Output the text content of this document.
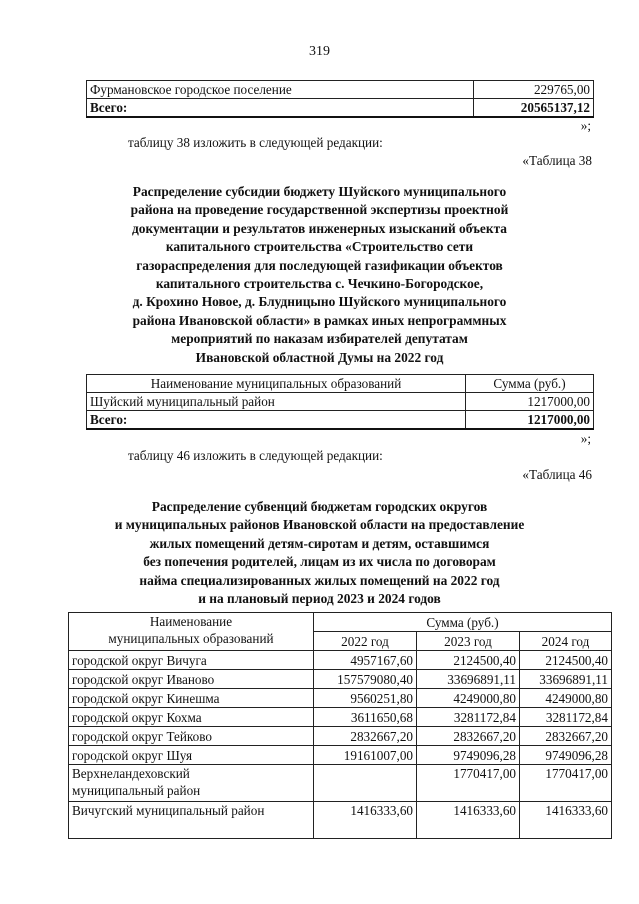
319
Фурмановское городское поселение	229765,00
Всего:	20565137,12
»;
таблицу 38 изложить в следующей редакции:
«Таблица 38
Распределение субсидии бюджету Шуйского муниципального
района на проведение государственной экспертизы проектной
документации и результатов инженерных изысканий объекта
капитального строительства «Строительство сети
газораспределения для последующей газификации объектов
капитального строительства с. Чечкино-Богородское,
д. Крохино Новое, д. Блудницыно Шуйского муниципального
района Ивановской области» в рамках иных непрограммных
мероприятий по наказам избирателей депутатам
Ивановской областной Думы на 2022 год
Наименование муниципальных образований	Сумма (руб.)
Шуйский муниципальный район	1217000,00
Всего:	1217000,00
»;
таблицу 46 изложить в следующей редакции:
«Таблица 46
Распределение субвенций бюджетам городских округов
и муниципальных районов Ивановской области на предоставление
жилых помещений детям-сиротам и детям, оставшимся
без попечения родителей, лицам из их числа по договорам
найма специализированных жилых помещений на 2022 год
и на плановый период 2023 и 2024 годов
Наименование
муниципальных образований	Сумма (руб.)		
	2022 год	2023 год	2024 год
городской округ Вичуга	4957167,60	2124500,40	2124500,40
городской округ Иваново	157579080,40	33696891,11	33696891,11
городской округ Кинешма	9560251,80	4249000,80	4249000,80
городской округ Кохма	3611650,68	3281172,84	3281172,84
городской округ Тейково	2832667,20	2832667,20	2832667,20
городской округ Шуя	19161007,00	9749096,28	9749096,28

Верхнеландеховский
муниципальный район		1770417,00	1770417,00
Вичугский муниципальный район	1416333,60	1416333,60	1416333,60
